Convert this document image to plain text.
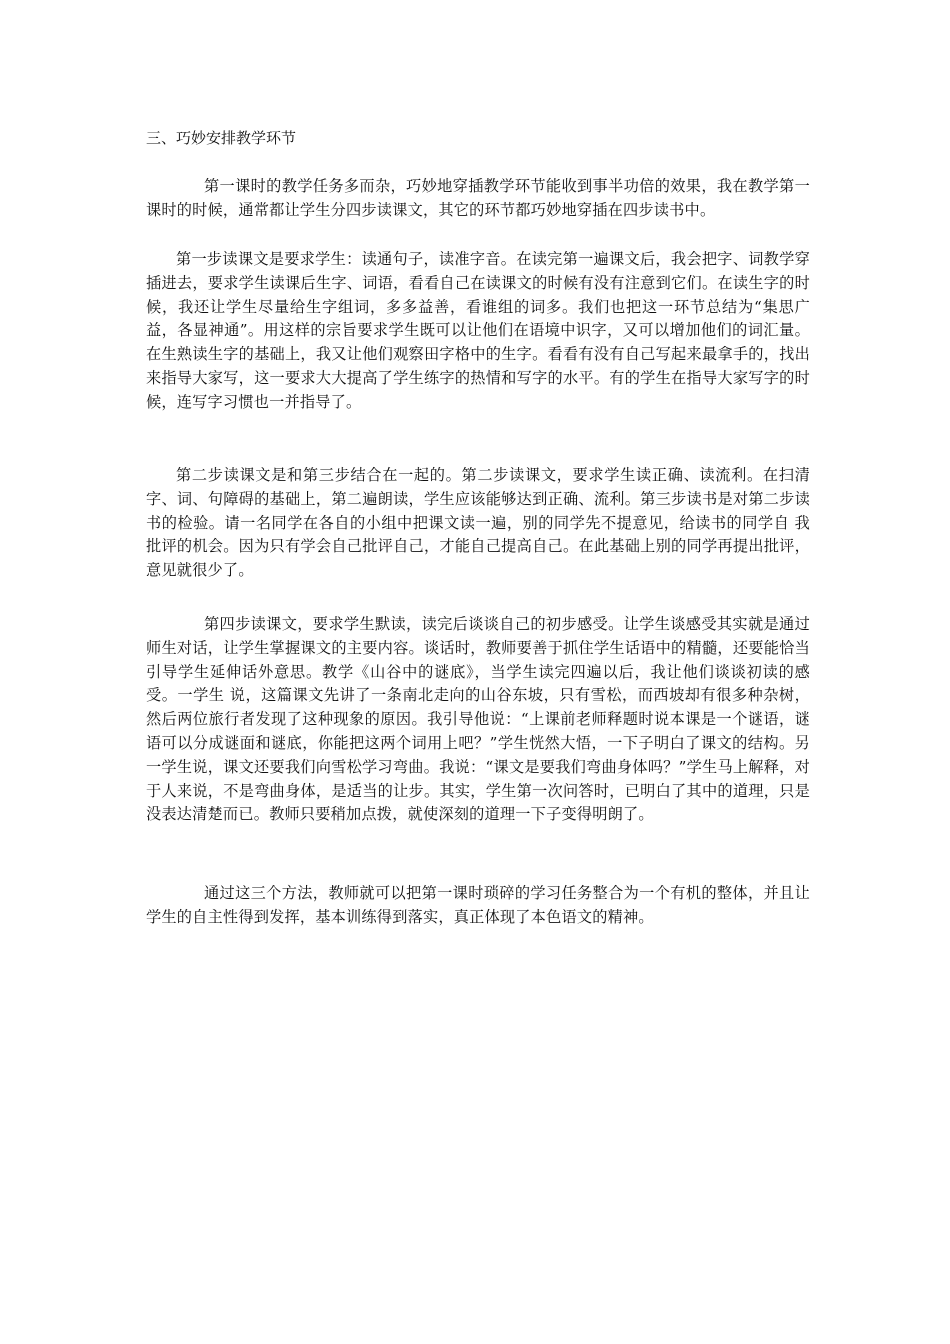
三、巧妙安排教学环节

第一课时的教学任务多而杂，巧妙地穿插教学环节能收到事半功倍的效果，我在教学第一课时的时候，通常都让学生分四步读课文，其它的环节都巧妙地穿插在四步读书中。

第一步读课文是要求学生：读通句子，读准字音。在读完第一遍课文后，我会把字、词教学穿插进去，要求学生读课后生字、词语，看看自己在读课文的时候有没有注意到它们。在读生字的时候，我还让学生尽量给生字组词，多多益善，看谁组的词多。我们也把这一环节总结为“集思广益，各显神通”。用这样的宗旨要求学生既可以让他们在语境中识字，又可以增加他们的词汇量。在生熟读生字的基础上，我又让他们观察田字格中的生字。看看有没有自己写起来最拿手的，找出来指导大家写，这一要求大大提高了学生练字的热情和写字的水平。有的学生在指导大家写字的时候，连写字习惯也一并指导了。

第二步读课文是和第三步结合在一起的。第二步读课文，要求学生读正确、读流利。在扫清字、词、句障碍的基础上，第二遍朗读，学生应该能够达到正确、流利。第三步读书是对第二步读书的检验。请一名同学在各自的小组中把课文读一遍，别的同学先不提意见，给读书的同学自 我批评的机会。因为只有学会自己批评自己，才能自己提高自己。在此基础上别的同学再提出批评，意见就很少了。

第四步读课文，要求学生默读，读完后谈谈自己的初步感受。让学生谈感受其实就是通过师生对话，让学生掌握课文的主要内容。谈话时，教师要善于抓住学生话语中的精髓，还要能恰当引导学生延伸话外意思。教学《山谷中的谜底》，当学生读完四遍以后，我让他们谈谈初读的感受。一学生 说，这篇课文先讲了一条南北走向的山谷东坡，只有雪松，而西坡却有很多种杂树，然后两位旅行者发现了这种现象的原因。我引导他说：“上课前老师释题时说本课是一个谜语，谜语可以分成谜面和谜底，你能把这两个词用上吧？”学生恍然大悟，一下子明白了课文的结构。另一学生说，课文还要我们向雪松学习弯曲。我说：“课文是要我们弯曲身体吗？”学生马上解释，对于人来说，不是弯曲身体，是适当的让步。其实，学生第一次问答时，已明白了其中的道理，只是没表达清楚而已。教师只要稍加点拨，就使深刻的道理一下子变得明朗了。

通过这三个方法，教师就可以把第一课时琐碎的学习任务整合为一个有机的整体，并且让学生的自主性得到发挥，基本训练得到落实，真正体现了本色语文的精神。
